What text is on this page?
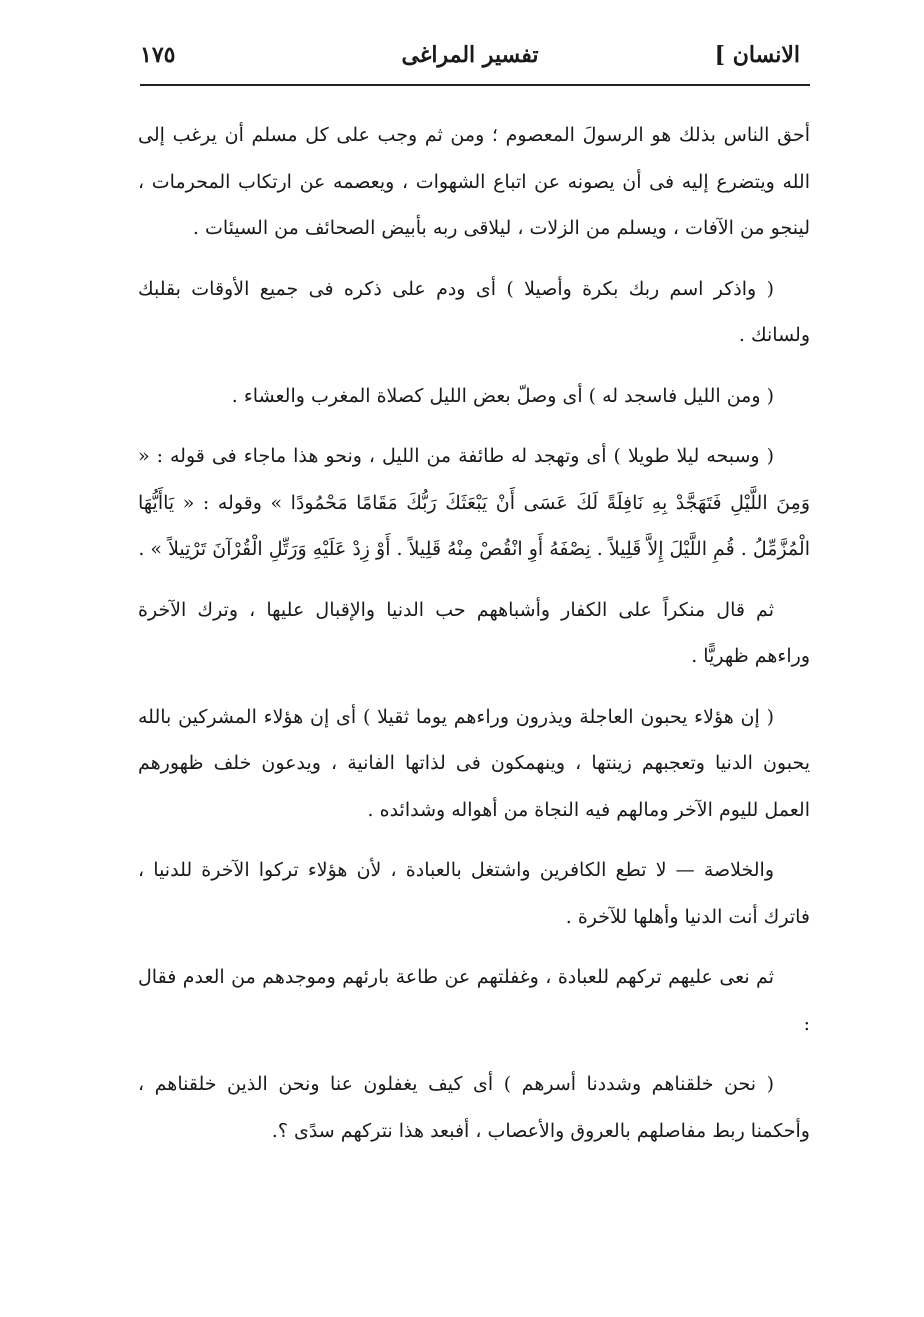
الانسان ]
تفسير المراغى
١٧٥

أحق الناس بذلك هو الرسولَ المعصوم ؛ ومن ثم وجب على كل مسلم أن يرغب إلى الله ويتضرع إليه فى أن يصونه عن اتباع الشهوات ، ويعصمه عن ارتكاب المحرمات ، لينجو من الآفات ، ويسلم من الزلات ، ليلاقى ربه بأبيض الصحائف من السيئات .

( واذكر اسم ربك بكرة وأصيلا ) أى ودم على ذكره فى جميع الأوقات بقلبك ولسانك .

( ومن الليل فاسجد له ) أى وصلّ بعض الليل كصلاة المغرب والعشاء .

( وسبحه ليلا طويلا ) أى وتهجد له طائفة من الليل ، ونحو هذا ماجاء فى قوله : « وَمِنَ اللَّيْلِ فَتَهَجَّدْ بِهِ نَافِلَةً لَكَ عَسَى أَنْ يَبْعَثَكَ رَبُّكَ مَقَامًا مَحْمُودًا » وقوله : « يَاأَيُّهَا الْمُزَّمِّلُ . قُمِ اللَّيْلَ إِلاَّ قَلِيلاً . نِصْفَهُ أَوِ انْقُصْ مِنْهُ قَلِيلاً . أَوْ زِدْ عَلَيْهِ وَرَتِّلِ الْقُرْآنَ تَرْتِيلاً » .

ثم قال منكراً على الكفار وأشباههم حب الدنيا والإقبال عليها ، وترك الآخرة وراءهم ظهريًّا .

( إن هؤلاء يحبون العاجلة ويذرون وراءهم يوما ثقيلا ) أى إن هؤلاء المشركين بالله يحبون الدنيا وتعجبهم زينتها ، وينهمكون فى لذاتها الفانية ، ويدعون خلف ظهورهم العمل لليوم الآخر ومالهم فيه النجاة من أهواله وشدائده .

والخلاصة — لا تطع الكافرين واشتغل بالعبادة ، لأن هؤلاء تركوا الآخرة للدنيا ، فاترك أنت الدنيا وأهلها للآخرة .

ثم نعى عليهم تركهم للعبادة ، وغفلتهم عن طاعة بارئهم وموجدهم من العدم فقال :

( نحن خلقناهم وشددنا أسرهم ) أى كيف يغفلون عنا ونحن الذين خلقناهم ، وأحكمنا ربط مفاصلهم بالعروق والأعصاب ، أفبعد هذا نتركهم سدًى ؟.
